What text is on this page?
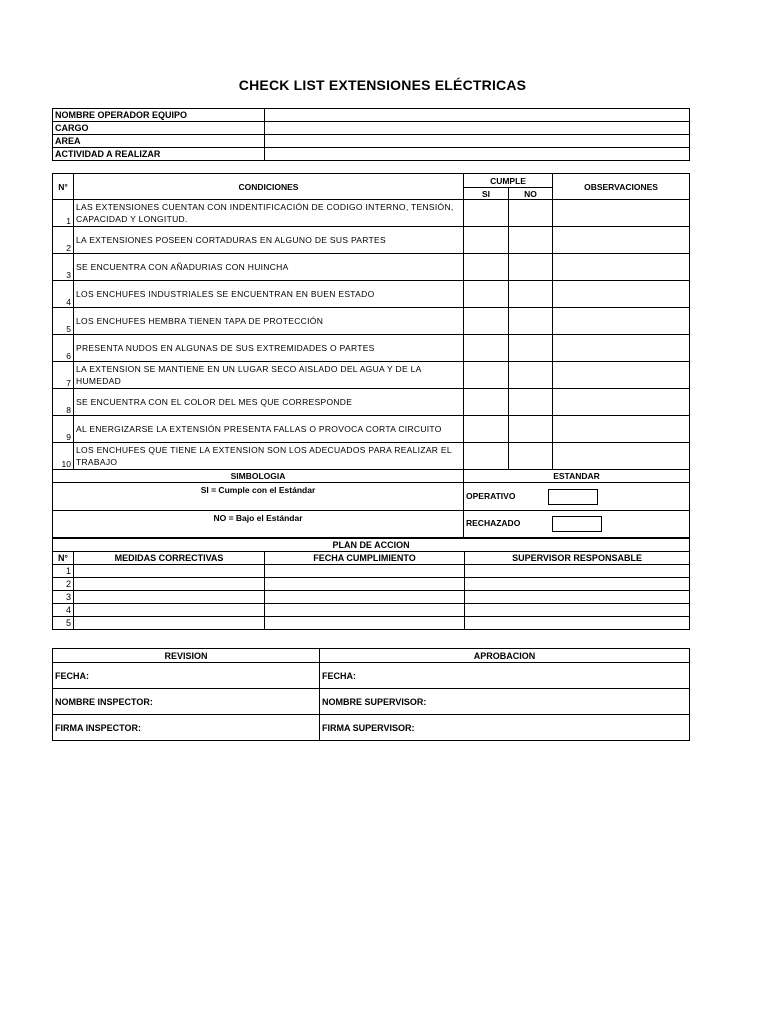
CHECK LIST EXTENSIONES ELÉCTRICAS
NOMBRE OPERADOR EQUIPO	
CARGO	
AREA	
ACTIVIDAD A REALIZAR	
N°	CONDICIONES	CUMPLE		OBSERVACIONES
		SI	NO	
1	LAS EXTENSIONES CUENTAN CON INDENTIFICACIÓN DE CODIGO INTERNO, TENSIÓN, CAPACIDAD Y LONGITUD.			
2	LA EXTENSIONES POSEEN CORTADURAS EN ALGUNO DE SUS PARTES			
3	SE ENCUENTRA CON AÑADURIAS CON HUINCHA			
4	LOS ENCHUFES INDUSTRIALES SE ENCUENTRAN EN BUEN ESTADO			
5	LOS ENCHUFES HEMBRA TIENEN TAPA DE PROTECCIÓN			
6	PRESENTA NUDOS EN ALGUNAS DE SUS EXTREMIDADES O PARTES			
7	LA EXTENSION SE MANTIENE EN UN LUGAR SECO AISLADO DEL AGUA Y DE LA HUMEDAD			
8	SE ENCUENTRA CON EL COLOR DEL MES QUE CORRESPONDE			
9	AL ENERGIZARSE LA EXTENSIÓN PRESENTA FALLAS O PROVOCA CORTA CIRCUITO			
10	LOS ENCHUFES QUE TIENE LA EXTENSION SON LOS ADECUADOS PARA REALIZAR EL TRABAJO			
SIMBOLOGIA		ESTANDAR		
SI = Cumple con el Estándar		OPERATIVO		
NO = Bajo el Estándar		RECHAZADO		
PLAN DE ACCION			
N°	MEDIDAS CORRECTIVAS	FECHA CUMPLIMIENTO	SUPERVISOR RESPONSABLE
1			
2			
3			
4			
5			
REVISION	APROBACION
FECHA:	FECHA:
NOMBRE INSPECTOR:	NOMBRE SUPERVISOR:
FIRMA INSPECTOR:	FIRMA SUPERVISOR:
